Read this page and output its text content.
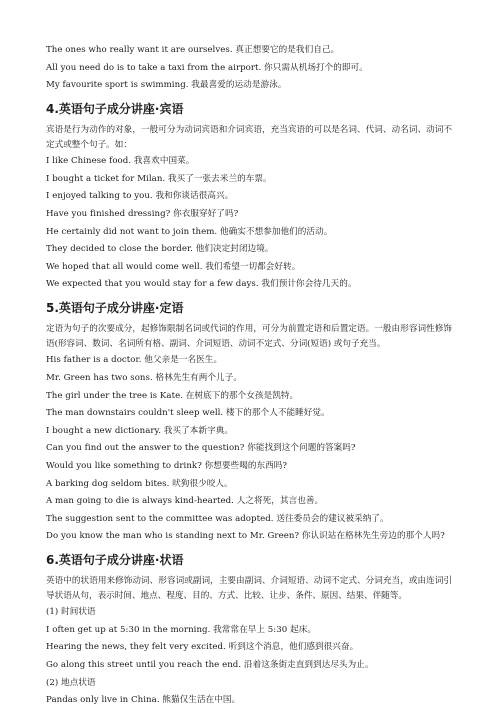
The ones who really want it are ourselves. 真正想要它的是我们自己。
All you need do is to take a taxi from the airport. 你只需从机场打个的即可。
My favourite sport is swimming. 我最喜爱的运动是游泳。
4.英语句子成分讲座·宾语

宾语是行为动作的对象，一般可分为动词宾语和介词宾语，充当宾语的可以是名词、代词、动名词、动词不定式或整个句子。如：

I like Chinese food. 我喜欢中国菜。
I bought a ticket for Milan. 我买了一张去米兰的车票。
I enjoyed talking to you. 我和你谈话很高兴。
Have you finished dressing? 你衣服穿好了吗?
He certainly did not want to join them. 他确实不想参加他们的活动。
They decided to close the border. 他们决定封闭边境。
We hoped that all would come well. 我们希望一切都会好转。
We expected that you would stay for a few days. 我们预计你会待几天的。
5.英语句子成分讲座·定语

定语为句子的次要成分，起修饰限制名词或代词的作用，可分为前置定语和后置定语。一般由形容词性修饰语(形容词、数词、名词所有格、副词、介词短语、动词不定式、分词(短语) 或句子充当。

His father is a doctor. 他父亲是一名医生。
Mr. Green has two sons. 格林先生有两个儿子。
The girl under the tree is Kate. 在树底下的那个女孩是凯特。
The man downstairs couldn't sleep well. 楼下的那个人不能睡好觉。
I bought a new dictionary. 我买了本新字典。
Can you find out the answer to the question? 你能找到这个问题的答案吗?
Would you like something to drink? 你想要些喝的东西吗?
A barking dog seldom bites. 吠狗很少咬人。
A man going to die is always kind-hearted. 人之将死，其言也善。
The suggestion sent to the committee was adopted. 送往委员会的建议被采纳了。
Do you know the man who is standing next to Mr. Green? 你认识站在格林先生旁边的那个人吗?
6.英语句子成分讲座·状语

英语中的状语用来修饰动词、形容词或副词，主要由副词、介词短语、动词不定式、分词充当，或由连词引导状语从句，表示时间、地点、程度、目的、方式、比较、让步、条件、原因、结果、伴随等。

(1) 时间状语
I often get up at 5:30 in the morning. 我常常在早上 5:30 起床。
Hearing the news, they felt very excited. 听到这个消息，他们感到很兴奋。
Go along this street until you reach the end. 沿着这条街走直到到达尽头为止。
(2) 地点状语
Pandas only live in China. 熊猫仅生活在中国。
